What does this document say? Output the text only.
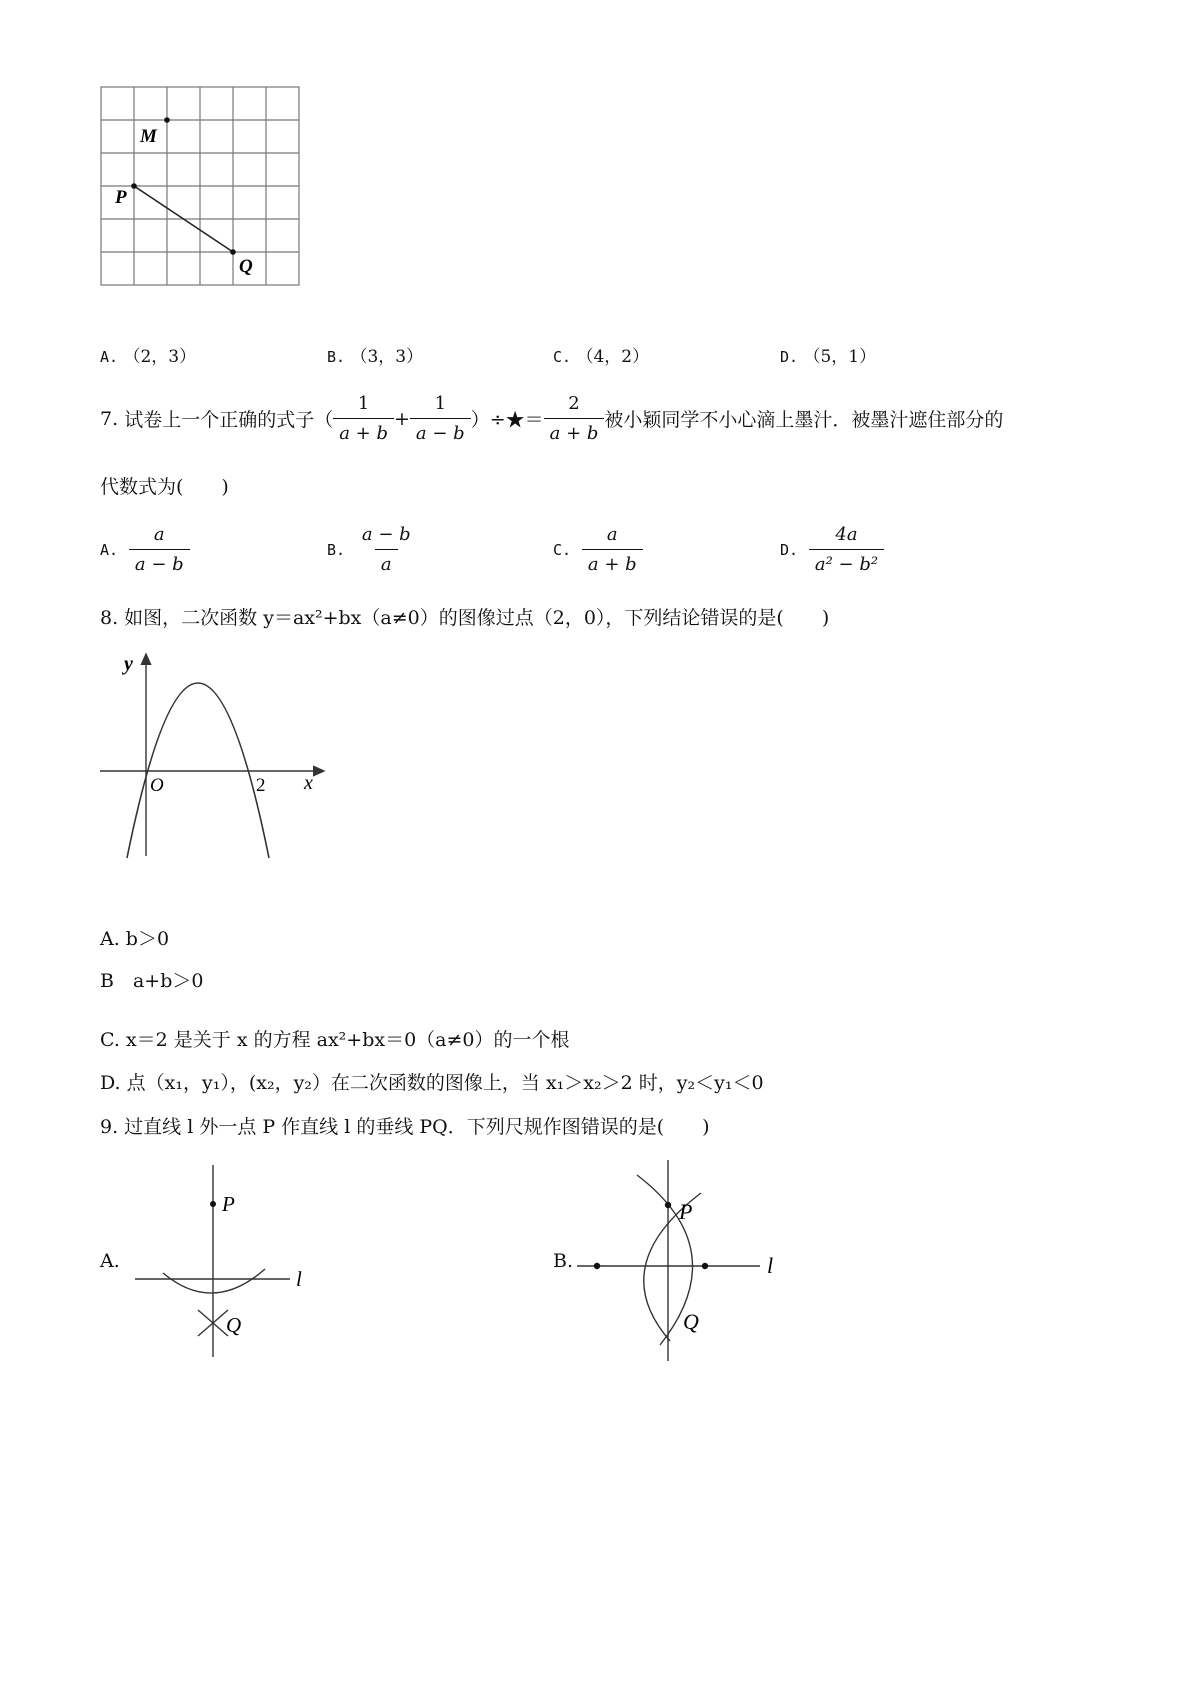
M
P
Q
A. （2，3）	B. （3，3）	C. （4，2）	D. （5，1）
7.
试卷上一个正确的式子（ $\frac{1}{a + b} + \frac{1}{a - b}$ ）÷★＝ $\frac{2}{a + b}$ 被小颖同学不小心滴上墨汁．被墨汁遮住部分的
代数式为(　　)
A.
$\frac{a}{a - b}$	B.
$\frac{a - b}{a}$	C.
$\frac{a}{a + b}$	D.
$\frac{4a}{\text{a² − b²}}$
8. 如图，二次函数 y＝ax²+bx（a≠0）的图像过点（2，0），下列结论错误的是(　　)
y
x
O	2
A. b＞0
B　a+b＞0
C. x＝2 是关于 x 的方程 ax²+bx＝0（a≠0）的一个根
D. 点（x₁，y₁），(x₂，y₂）在二次函数的图像上，当 x₁＞x₂＞2 时，y₂＜y₁＜0
9. 过直线 l 外一点 P 作直线 l 的垂线 PQ．下列尺规作图错误的是(　　)
A.
P
Q
l
B.
P
Q
l
